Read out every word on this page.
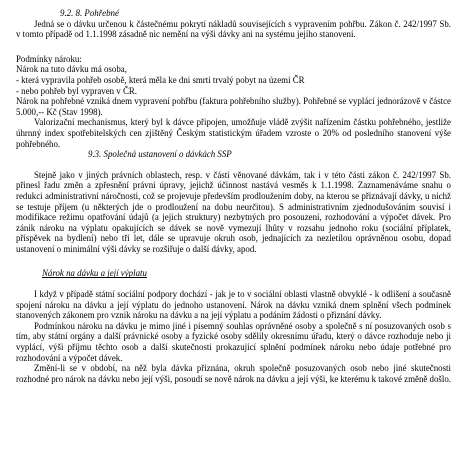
9.2. 8. Pohřebné

Jedná se o dávku určenou k částečnému pokrytí nákladů souvisejících s vypravením pohřbu. Zákon č. 242/1997 Sb. v tomto případě od 1.1.1998 zásadně nic nemění na výši dávky ani na systému jejího stanovení.

Podmínky nároku:

Nárok na tuto dávku má osoba,

- která vypravila pohřeb osobě, která měla ke dni smrti trvalý pobyt na území ČR

- nebo pohřeb byl vypraven v ČR.

Nárok na pohřebné vzniká dnem vypravení pohřbu (faktura pohřebního služby). Pohřebné se vyplácí jednorázově v částce 5.000,-- Kč (Stav 1998).

Valorizační mechanismus, který byl k dávce připojen, umožňuje vládě zvýšit nařízením částku pohřebného, jestliže úhrnný index spotřebitelských cen zjištěný Českým statistickým úřadem vzroste o 20% od posledního stanovení výše pohřebného.

9.3. Společná ustanovení o dávkách SSP

Stejně jako v jiných právních oblastech, resp. v části věnované dávkám, tak i v této části zákon č. 242/1997 Sb. přinesl řadu změn a zpřesnění právní úpravy, jejichž účinnost nastává vesměs k 1.1.1998. Zaznamenáváme snahu o redukci administrativní náročnosti, což se projevuje především prodloužením doby, na kterou se přiznávají dávky, u nichž se testuje příjem (u některých jde o prodloužení na dobu neurčitou). S administrativním zjednodušováním souvisí i modifikace režimu opatřování údajů (a jejich struktury) nezbytných pro posouzení, rozhodování a výpočet dávek. Pro zánik nároku na výplatu opakujících se dávek se nově vymezují lhůty v rozsahu jednoho roku (sociální příplatek, příspěvek na bydlení) nebo tří let, dále se upravuje okruh osob, jednajících za nezletilou oprávněnou osobu, dopad ustanovení o minimální výši dávky se rozšiřuje o další dávky, apod.

Nárok na dávku a její výplatu

I když v případě státní sociální podpory dochází - jak je to v sociální oblasti vlastně obvyklé - k odlišení a současně spojení nároku na dávku a její výplatu do jednoho ustanovení. Nárok na dávku vzniká dnem splnění všech podmínek stanovených zákonem pro vznik nároku na dávku a na její výplatu a podáním žádosti o přiznání dávky.

Podmínkou nároku na dávku je mimo jiné i písemný souhlas oprávněné osoby a společně s ní posuzovaných osob s tím, aby státní orgány a další právnické osoby a fyzické osoby sdělily okresnímu úřadu, který o dávce rozhoduje nebo ji vyplácí, výši příjmu těchto osob a další skutečnosti prokazující splnění podmínek nároku nebo údaje potřebné pro rozhodování a výpočet dávek.

Změní-li se v období, na něž byla dávka přiznána, okruh společně posuzovaných osob nebo jiné skutečnosti rozhodné pro nárok na dávku nebo její výši, posoudí se nově nárok na dávku a její výši, ke kterému k takové změně došlo.
